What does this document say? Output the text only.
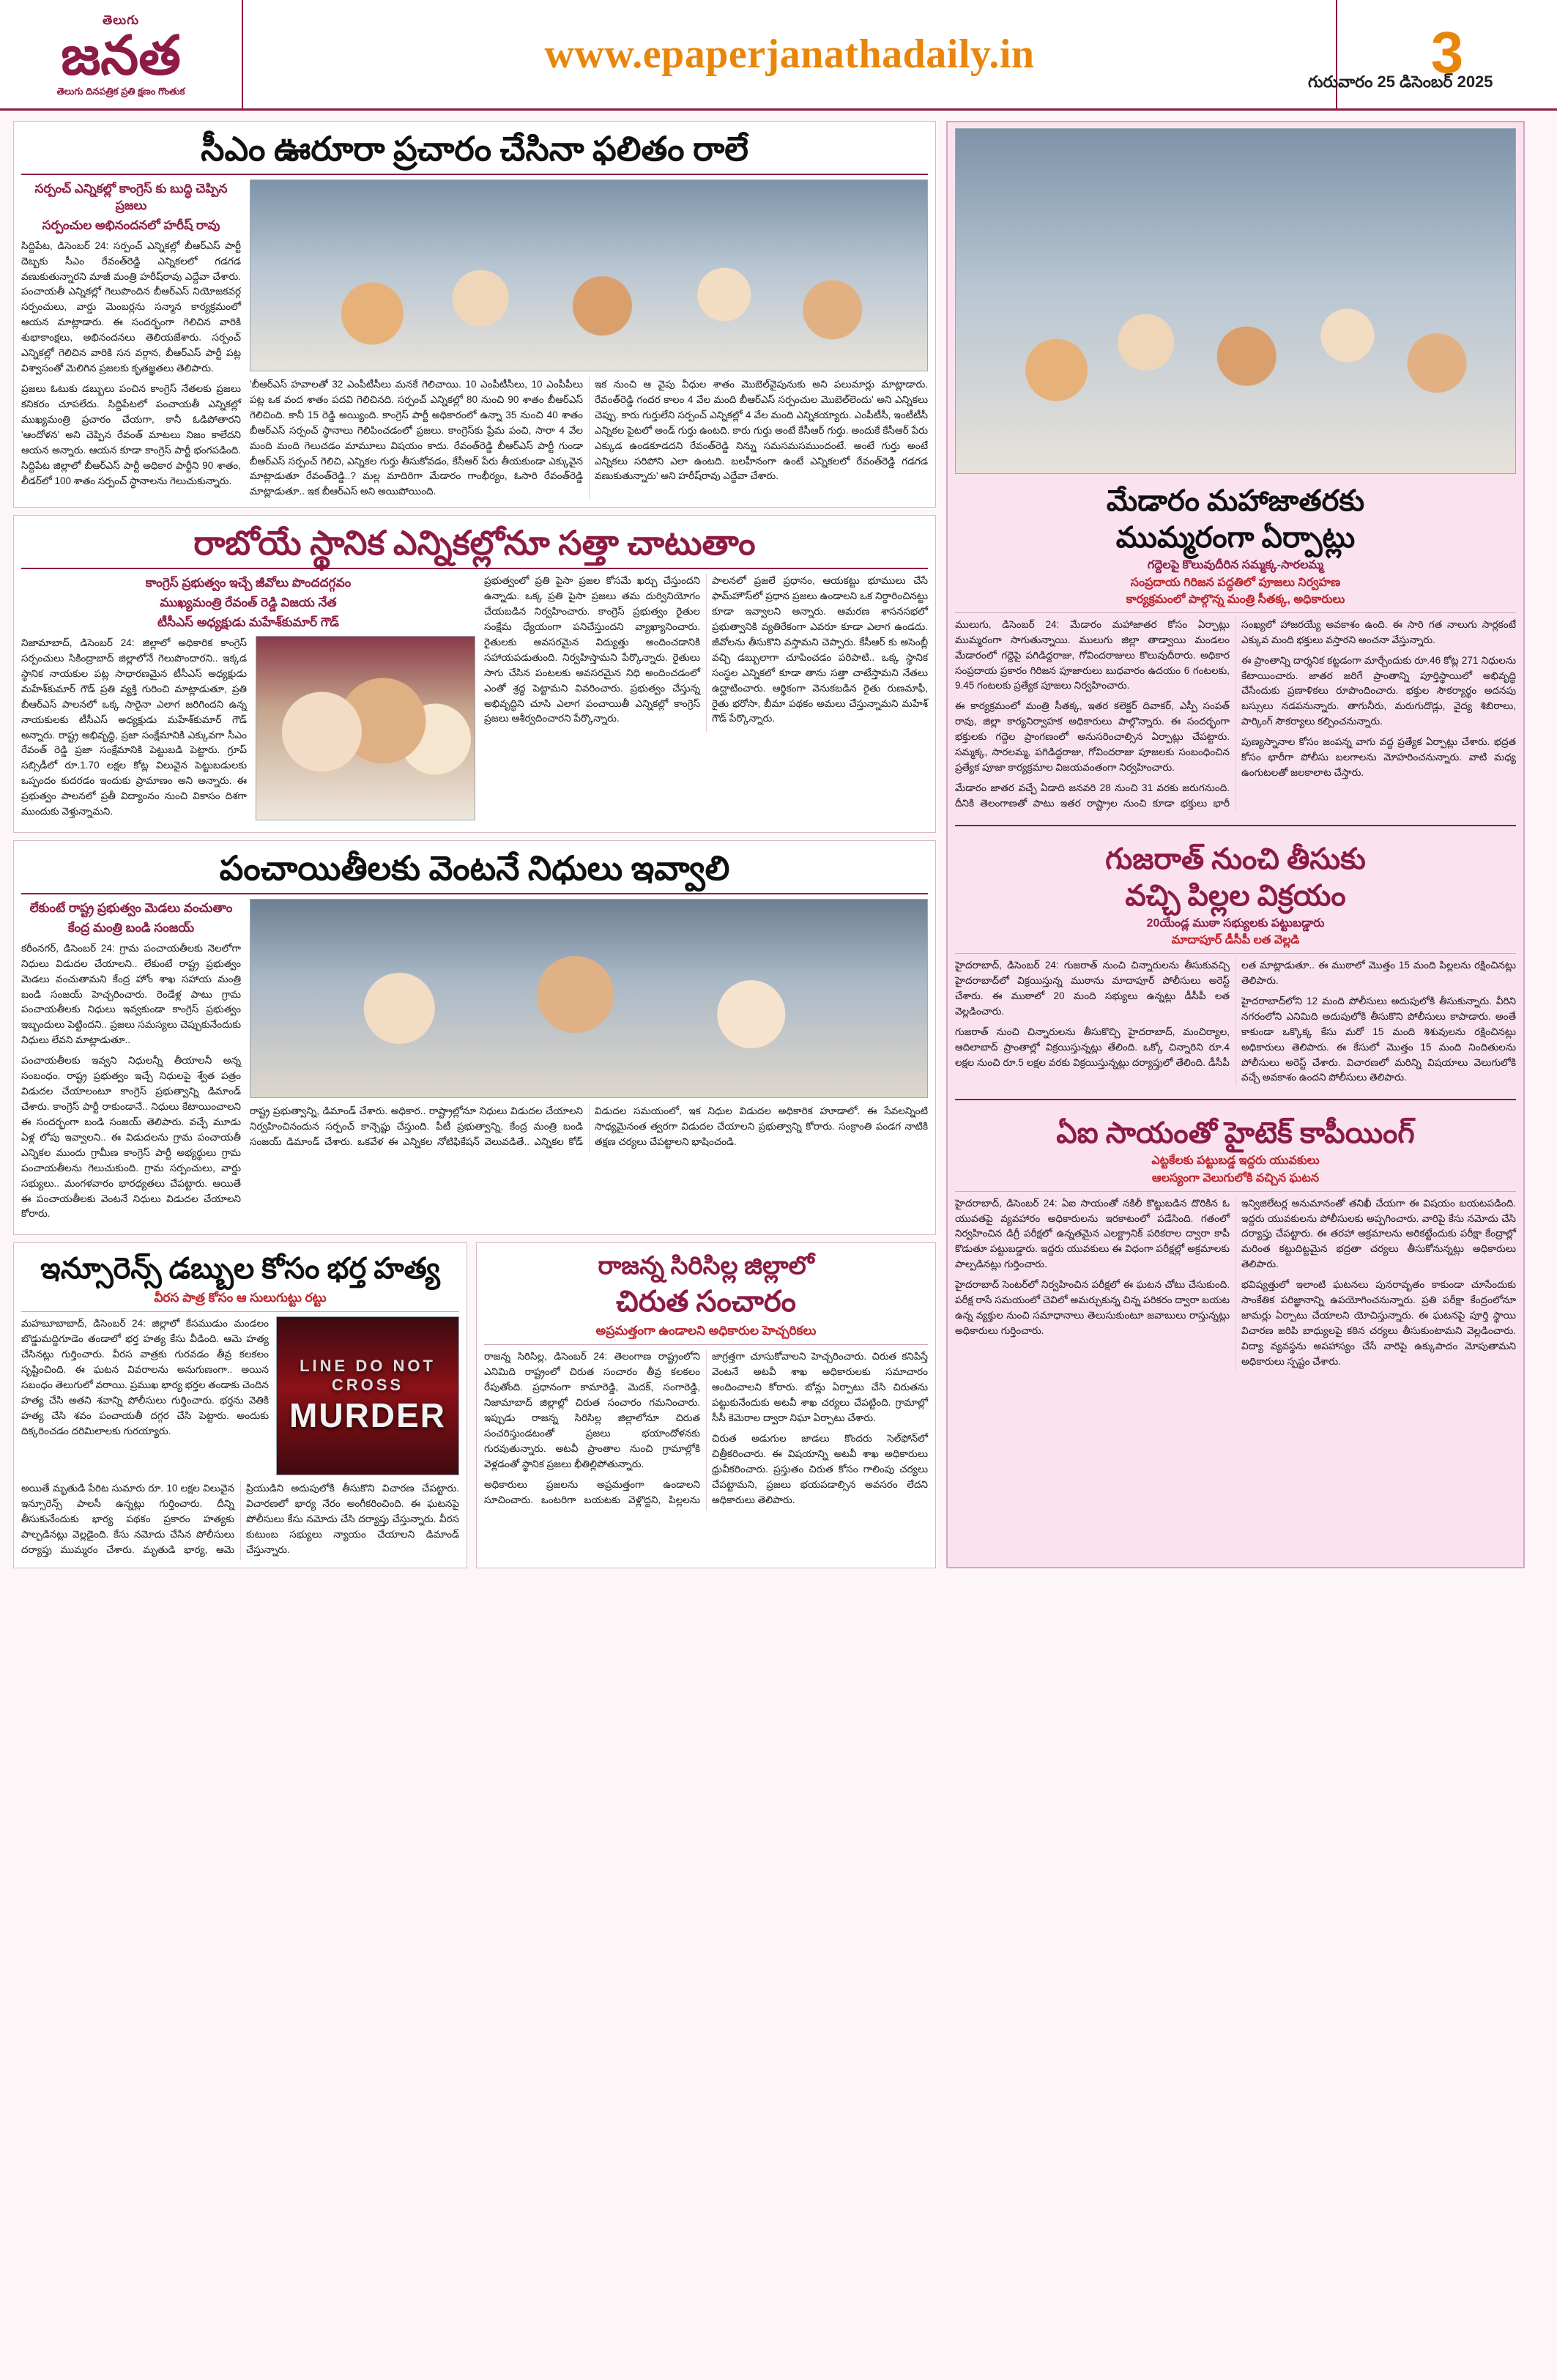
తెలుగు
జనత
తెలుగు దినపత్రిక ప్రతి క్షణం గొంతుక
www.epaperjanathadaily.in	3
గురువారం 25 డిసెంబర్ 2025
సీఎం ఊరూరా ప్రచారం చేసినా ఫలితం రాలే
సర్పంచ్ ఎన్నికల్లో కాంగ్రెస్ కు బుద్ధి చెప్పిన ప్రజలు
సర్పంచుల అభినందనలో హరీష్ రావు

సిద్దిపేట, డిసెంబర్ 24: సర్పంచ్ ఎన్నికల్లో బీఆర్ఎస్ పార్టీ దెబ్బకు సీఎం రేవంత్‌రెడ్డి ఎన్నికలలో గడగడ వణుకుతున్నారని మాజీ మంత్రి హరీష్‌రావు ఎద్దేవా చేశారు. పంచాయతీ ఎన్నికల్లో గెలుపొందిన బీఆర్ఎస్ నియోజకవర్గ సర్పంచులు, వార్డు మెంబర్లను సన్మాన కార్యక్రమంలో ఆయన మాట్లాడారు. ఈ సందర్భంగా గెలిచిన వారికి శుభాకాంక్షలు, అభినందనలు తెలియజేశారు. సర్పంచ్ ఎన్నికల్లో గెలిచిన వారికి సన వర్గాన, బీఆర్ఎస్ పార్టీ పట్ల విశ్వాసంతో మెలిగిన ప్రజలకు కృతజ్ఞతలు తెలిపారు.

ప్రజలు ఓటుకు డబ్బులు పంచిన కాంగ్రెస్ నేతలకు ప్రజలు కనికరం చూపలేదు. సిద్దిపేటలో పంచాయతీ ఎన్నికల్లో ముఖ్యమంత్రి ప్రచారం చేయగా, కానీ ఓడిపోతారని 'ఆందోళన' అని చెప్పిన రేవంత్ మాటలు నిజం కాలేదని ఆయన అన్నారు. ఆయన కూడా కాంగ్రెస్ పార్టీ భంగపడింది. సిద్దిపేట జిల్లాలో బీఆర్ఎస్ పార్టీ అధికార పార్టీని 90 శాతం, లీడర్‌లో 100 శాతం సర్పంచ్ స్థానాలను గెలుచుకున్నారు.

'బీఆర్ఎస్ హవాలతో 32 ఎంపీటీసీలు మనకే గెలిచాయి. 10 ఎంపీటీసీలు, 10 ఎంపీపీలు పట్ల ఒక వంద శాతం పదవి గెలిచినది. సర్పంచ్ ఎన్నికల్లో 80 నుంచి 90 శాతం బీఆర్ఎస్ గెలిచింది. కానీ 15 రెడ్డి అయ్యింది. కాంగ్రెస్ పార్టీ అధికారంలో ఉన్నా 35 నుంచి 40 శాతం బీఆర్ఎస్ సర్పంచ్ స్థానాలు గెలిపించడంలో ప్రజలు. కాంగ్రెస్‌కు ప్రేమ పంచి, సారా 4 వేల మంది మంది గెలుచడం మామూలు విషయం కాదు. రేవంత్‌రెడ్డి బీఆర్ఎస్ పార్టీ గుండా బీఆర్ఎస్ సర్పంచ్ గెలిచి, ఎన్నికల గుర్తు తీసుకోవడం, కేసీఆర్ పేరు తీయకుండా ఎక్కువైన మాట్లాడుతూ రేవంత్‌రెడ్డి..? మల్ల మాదిరిగా మేడారం గాంభీర్యం, ఓసారి రేవంత్‌రెడ్డి మాట్లాడుతూ.. ఇక బీఆర్ఎస్ అని అయిపోయింది.

ఇక నుంచి ఆ వైపు వీధుల శాతం మొబెల్‌వైపునుకు అని పలుమార్లు మాట్లాడారు. రేవంత్‌రెడ్డి గందర కాలం 4 వేల మంది బీఆర్ఎస్ సర్పంచుల మొబెల్‌లెందు' అని ఎన్నికలు చెప్పు. కారు గుర్తులేని సర్పంచ్ ఎన్నికల్లో 4 వేల మంది ఎన్నికయ్యారు. ఎంపీటీసీ, ఇంటీటీసీ ఎన్నికల పైటలో అండ్ గుర్తు ఉంటది. కారు గుర్తు అంటే కేసీఆర్ గుర్తు. అందుకే కేసీఆర్ పేరు ఎక్కుడ ఉండకూడదని రేవంత్‌రెడ్డి నిన్ను సమసమసముందంటే. అంటే గుర్తు అంటే ఎన్నికలు సరిపోని ఎలా ఉంటది. బలహీనంగా ఉంటే ఎన్నికలలో రేవంత్‌రెడ్డి గడగడ వణుకుతున్నారు' అని హరీష్‌రావు ఎద్దేవా చేశారు.

రాబోయే స్థానిక ఎన్నికల్లోనూ సత్తా చాటుతాం
కాంగ్రెస్ ప్రభుత్వం ఇచ్చే జీవోలు పొందదగ్గవం
ముఖ్యమంత్రి రేవంత్ రెడ్డి విజయ నేత
టీసీఎస్ అధ్యక్షుడు మహేశ్‌కుమార్ గౌడ్

నిజామాబాద్, డిసెంబర్ 24: జిల్లాలో అధికారిక కాంగ్రెస్ సర్పంచులు సికింద్రాబాద్ జిల్లాలోనే గెలుపొందారని.. ఇక్కడ స్థానిక నాయకుల పట్ల సాధారణమైన టీసీఎస్ అధ్యక్షుడు మహేశ్‌కుమార్ గౌడ్ ప్రతి వ్యక్తి గురించి మాట్లాడుతూ, ప్రతి బీఆర్ఎస్ పాలనలో ఒక్క సారైనా ఎలాగ జరిగిందని ఉన్న నాయకులకు టీసీఎస్ అధ్యక్షుడు మహేశ్‌కుమార్ గౌడ్ అన్నారు. రాష్ట్ర అభివృద్ధి, ప్రజా సంక్షేమానికి ఎక్కువగా సీఎం రేవంత్ రెడ్డి ప్రజా సంక్షేమానికి పెట్టుబడి పెట్టారు. గ్రూప్ సబ్సిడీలో రూ.1.70 లక్షల కోట్ల విలువైన పెట్టుబడులకు ఒప్పందం కుదరడం ఇందుకు ప్రామాణం అని అన్నారు. ఈ ప్రభుత్వం పాలనలో ప్రతీ విద్యాంనం నుంచి వికాసం దిశగా ముందుకు వెళ్తున్నామని.

ప్రభుత్వంలో ప్రతి పైసా ప్రజల కోసమే ఖర్చు చేస్తుందని ఉన్నాడు. ఒక్క ప్రతి పైసా ప్రజలు తమ దుర్వినియోగం చేయబడిన నిర్వహించారు. కాంగ్రెస్ ప్రభుత్వం రైతుల సంక్షేమ ధ్యేయంగా పనిచేస్తుందని వ్యాఖ్యానించారు. రైతులకు అవసరమైన విద్యుత్తు అందించడానికి సహాయపడుతుంది. నిర్వహిస్తామని పేర్కొన్నారు. రైతులు సాగు చేసిన పంటలకు అవసరమైన నిధి అందించడంలో ఎంతో శ్రద్ధ పెట్టామని వివరించారు. ప్రభుత్వం చేస్తున్న అభివృద్ధిని చూసి ఎలాగ పంచాయితీ ఎన్నికల్లో కాంగ్రెస్ ప్రజలు ఆశీర్వదించారని పేర్కొన్నారు.

పాలనలో ప్రజలే ప్రధానం, ఆయకట్టు భూములు చేసే ఫామ్‌హౌస్‌లో ప్రధాన ప్రజలు ఉండాలని ఒక నిర్ధారించినట్టు కూడా ఇవ్వాలని అన్నారు. ఆమరణ శాసనసభలో ప్రభుత్వానికి వ్యతిరేకంగా ఎవరూ కూడా ఎలాగ ఉండదు. జీవోలను తీసుకొని వస్తామని చెప్పారు. కేసీఆర్ కు అసెంబ్లీ వచ్చి డబ్బులాగా చూపించడం పరిపాటి.. ఒక్క స్థానిక సంస్థల ఎన్నికలో కూడా తాను సత్తా చాటేస్తామని నేతలు ఉద్ఘాటించారు. ఆర్థికంగా వెనుకబడిన రైతు రుణమాఫీ, రైతు భరోసా, బీమా పథకం అమలు చేస్తున్నామని మహేశ్ గౌడ్ పేర్కొన్నారు.

పంచాయితీలకు వెంటనే నిధులు ఇవ్వాలి
లేకుంటే రాష్ట్ర ప్రభుత్వం మెడలు వంచుతాం
కేంద్ర మంత్రి బండి సంజయ్

కరీంనగర్, డిసెంబర్ 24: గ్రామ పంచాయతీలకు నెలలోగా నిధులు విడుదల చేయాలని.. లేకుంటే రాష్ట్ర ప్రభుత్వం మెడలు వంచుతామని కేంద్ర హోం శాఖ సహాయ మంత్రి బండి సంజయ్ హెచ్చరించారు. రెండేళ్ల పాటు గ్రామ పంచాయతీలకు నిధులు ఇవ్వకుండా కాంగ్రెస్ ప్రభుత్వం ఇబ్బందులు పెట్టిందని.. ప్రజలు సమస్యలు చెప్పుకునేందుకు నిధులు లేవని మాట్లాడుతూ..

పంచాయతీలకు ఇవ్వని నిధులన్నీ తీయాలనీ అన్న సంబంధం. రాష్ట్ర ప్రభుత్వం ఇచ్చే నిధులపై శ్వేత పత్రం విడుదల చేయాలంటూ కాంగ్రెస్ ప్రభుత్వాన్ని డిమాండ్ చేశారు. కాంగ్రెస్ పార్టీ రాకుండానే.. నిధులు కేటాయించాలని ఈ సందర్భంగా బండి సంజయ్ తెలిపారు. వచ్చే మూడు ఏళ్ల లోపు ఇవ్వాలని.. ఈ విడుదలను గ్రామ పంచాయతీ ఎన్నికల ముందు గ్రామీణ కాంగ్రెస్ పార్టీ అభ్యర్థులు గ్రామ పంచాయతీలను గెలుచుకుంది. గ్రామ సర్పంచులు, వార్డు సభ్యులు.. మంగళవారం భారధ్యతలు చేపట్టారు. ఆయితే ఈ పంచాయతీలకు వెంటనే నిధులు విడుదల చేయాలని కోరారు.

రాష్ట్ర ప్రభుత్వాన్ని, డిమాండ్ చేశారు. అధికార.. రాష్ట్రాల్లోనూ నిధులు విడుదల చేయాలని నిర్వహించినందున సర్పంచ్ కాన్సెప్టు చేస్తుంది. పీటీ ప్రభుత్వాన్ని, కేంద్ర మంత్రి బండి సంజయ్ డిమాండ్ చేశారు. ఒకవేళ ఈ ఎన్నికల నోటిఫికేషన్ వెలువడితే.. ఎన్నికల కోడ్ విడుదల సమయంలో, ఇక నిధుల విడుదల అధికారిక హూడాలో. ఈ సేవలన్నింటి సాధ్యమైనంత త్వరగా విడుదల చేయాలని ప్రభుత్వాన్ని కోరారు. సంక్రాంతి పండగ నాటికి తక్షణ చర్యలు చేపట్టాలని భాషించండి.

ఇన్సూరెన్స్ డబ్బుల కోసం భర్త హత్య
వీరస పాత్ర కోసం ఆ సులుగుట్టు రట్టు

మహబూబాబాద్, డిసెంబర్ 24: జిల్లాలో కేసముడుం మండలం బొడ్డుమద్దిగూడెం తండాలో భర్త హత్య కేసు వీడింది. ఆమె హత్య చేసినట్లు గుర్తించారు. వీరస వాత్రకు గురవడం తీవ్ర కలకలం సృష్టించింది. ఈ ఘటన వివరాలను అనుగుణంగా.. అయిన సబంధం తెలుగులో వరాయి. ప్రముఖ భార్య భర్తల తండాకు చెందిన హత్య చేసి అతని శవాన్ని పోలీసులు గుర్తించారు. భర్తను వెతికి హత్య చేసి శవం పంచాయతీ దగ్గర చేసి పెట్టారు. అందుకు దిక్కరించడం దరిమిలాలకు గురయ్యారు.

LINE DO NOT CROSS
MURDER

అయితే మృతుడి పేరిట సుమారు రూ. 10 లక్షల విలువైన ఇన్సూరెన్స్ పాలసీ ఉన్నట్లు గుర్తించారు. దీన్ని తీసుకునేందుకు భార్య పథకం ప్రకారం హత్యకు పాల్పడినట్లు వెల్లడైంది. కేసు నమోదు చేసిన పోలీసులు దర్యాప్తు ముమ్మరం చేశారు. మృతుడి భార్య, ఆమె ప్రియుడిని అదుపులోకి తీసుకొని విచారణ చేపట్టారు. విచారణలో భార్య నేరం అంగీకరించింది. ఈ ఘటనపై పోలీసులు కేసు నమోదు చేసి దర్యాప్తు చేస్తున్నారు. వీరస కుటుంబ సభ్యులు న్యాయం చేయాలని డిమాండ్ చేస్తున్నారు.

రాజన్న సిరిసిల్ల జిల్లాలో
చిరుత సంచారం
అప్రమత్తంగా ఉండాలని అధికారుల హెచ్చరికలు

రాజన్న సిరిసిల్ల, డిసెంబర్ 24: తెలంగాణ రాష్ట్రంలోని ఎనిమిది రాష్ట్రంలో చిరుత సంచారం తీవ్ర కలకలం రేపుతోంది. ప్రధానంగా కామారెడ్డి, మెదక్, సంగారెడ్డి, నిజామాబాద్ జిల్లాల్లో చిరుత సంచారం గమనించారు. ఇప్పుడు రాజన్న సిరిసిల్ల జిల్లాలోనూ చిరుత సంచరిస్తుండటంతో ప్రజలు భయాందోళనకు గురవుతున్నారు. అటవీ ప్రాంతాల నుంచి గ్రామాల్లోకి వెళ్లడంతో స్థానిక ప్రజలు భీతిల్లిపోతున్నారు.

అధికారులు ప్రజలను అప్రమత్తంగా ఉండాలని సూచించారు. ఒంటరిగా బయటకు వెళ్లొద్దని, పిల్లలను జాగ్రత్తగా చూసుకోవాలని హెచ్చరించారు. చిరుత కనిపిస్తే వెంటనే అటవీ శాఖ అధికారులకు సమాచారం అందించాలని కోరారు. బోన్లు ఏర్పాటు చేసి చిరుతను పట్టుకునేందుకు అటవీ శాఖ చర్యలు చేపట్టింది. గ్రామాల్లో సీసీ కెమెరాల ద్వారా నిఘా ఏర్పాటు చేశారు.

చిరుత అడుగుల జాడలు కొందరు సెల్‌ఫోన్‌లో చిత్రీకరించారు. ఈ విషయాన్ని అటవీ శాఖ అధికారులు ధ్రువీకరించారు. ప్రస్తుతం చిరుత కోసం గాలింపు చర్యలు చేపట్టామని, ప్రజలు భయపడాల్సిన అవసరం లేదని అధికారులు తెలిపారు.

మేడారం మహాజాతరకు
ముమ్మరంగా ఏర్పాట్లు
గద్దెలపై కొలువుదీరిన సమ్మక్క-సారలమ్మ
సంప్రదాయ గిరిజన పద్ధతిలో పూజలు నిర్వహణ
కార్యక్రమంలో పాల్గొన్న మంత్రి సీతక్క, అధికారులు

ములుగు, డిసెంబర్ 24: మేడారం మహాజాతర కోసం ఏర్పాట్లు ముమ్మరంగా సాగుతున్నాయి. ములుగు జిల్లా తాడ్వాయి మండలం మేడారంలో గద్దెపై పగిడిద్దరాజు, గోవిందరాజులు కొలువుదీరారు. అధికార సంప్రదాయ ప్రకారం గిరిజన పూజారులు బుధవారం ఉదయం 6 గంటలకు, 9.45 గంటలకు ప్రత్యేక పూజలు నిర్వహించారు.

ఈ కార్యక్రమంలో మంత్రి సీతక్క, ఇతర కలెక్టర్ దివాకర్, ఎస్పీ సంపత్ రావు, జిల్లా కార్యనిర్వాహక అధికారులు పాల్గొన్నారు. ఈ సందర్భంగా భక్తులకు గద్దెల ప్రాంగణంలో అనుసరించాల్సిన ఏర్పాట్లు చేపట్టారు. సమ్మక్క, సారలమ్మ, పగిడిద్దరాజు, గోవిందరాజు పూజలకు సంబంధించిన ప్రత్యేక పూజా కార్యక్రమాల విజయవంతంగా నిర్వహించారు.

మేడారం జాతర వచ్చే ఏడాది జనవరి 28 నుంచి 31 వరకు జరుగనుంది. దీనికి తెలంగాణతో పాటు ఇతర రాష్ట్రాల నుంచి కూడా భక్తులు భారీ సంఖ్యలో హాజరయ్యే అవకాశం ఉంది. ఈ సారి గత నాలుగు సార్లకంటే ఎక్కువ మంది భక్తులు వస్తారని అంచనా వేస్తున్నారు.

ఈ ప్రాంతాన్ని దార్శనిక కట్టడంగా మార్చేందుకు రూ.46 కోట్ల 271 నిధులను కేటాయించారు. జాతర జరిగే ప్రాంతాన్ని పూర్తిస్థాయిలో అభివృద్ధి చేసేందుకు ప్రణాళికలు రూపొందించారు. భక్తుల సౌకర్యార్థం అదనపు బస్సులు నడపనున్నారు. తాగునీరు, మరుగుదొడ్లు, వైద్య శిబిరాలు, పార్కింగ్ సౌకర్యాలు కల్పించనున్నారు.

పుణ్యస్నానాల కోసం జంపన్న వాగు వద్ద ప్రత్యేక ఏర్పాట్లు చేశారు. భద్రత కోసం భారీగా పోలీసు బలగాలను మోహరించనున్నారు. వాటి మధ్య ఉంగుటలతో జలకాలాట చేస్తారు.

గుజరాత్ నుంచి తీసుకు
వచ్చి పిల్లల విక్రయం
20యేండ్ల ముఠా సభ్యులకు పట్టుబడ్డారు
మాదాపూర్ డీసీపీ లత వెల్లడి

హైదరాబాద్, డిసెంబర్ 24: గుజరాత్ నుంచి చిన్నారులను తీసుకువచ్చి హైదరాబాద్‌లో విక్రయిస్తున్న ముఠాను మాదాపూర్ పోలీసులు అరెస్ట్ చేశారు. ఈ ముఠాలో 20 మంది సభ్యులు ఉన్నట్లు డీసీపీ లత వెల్లడించారు.

గుజరాత్ నుంచి చిన్నారులను తీసుకొచ్చి హైదరాబాద్, మంచిర్యాల, ఆదిలాబాద్ ప్రాంతాల్లో విక్రయిస్తున్నట్లు తేలింది. ఒక్కో చిన్నారిని రూ.4 లక్షల నుంచి రూ.5 లక్షల వరకు విక్రయిస్తున్నట్లు దర్యాప్తులో తేలింది. డీసీపీ లత మాట్లాడుతూ.. ఈ ముఠాలో మొత్తం 15 మంది పిల్లలను రక్షించినట్లు తెలిపారు.

హైదరాబాద్‌లోని 12 మంది పోలీసులు అదుపులోకి తీసుకున్నారు. వీరిని నగరంలోని ఎనిమిది అదుపులోకి తీసుకొని పోలీసులు కాపాడారు. అంతే కాకుండా ఒక్కొక్క కేసు మరో 15 మంది శిశువులను రక్షించినట్లు అధికారులు తెలిపారు. ఈ కేసులో మొత్తం 15 మంది నిందితులను పోలీసులు అరెస్ట్ చేశారు. విచారణలో మరిన్ని విషయాలు వెలుగులోకి వచ్చే అవకాశం ఉందని పోలీసులు తెలిపారు.

ఏఐ సాయంతో హైటెక్ కాపీయింగ్
ఎట్టకేలకు పట్టుబడ్డ ఇద్దరు యువకులు
ఆలస్యంగా వెలుగులోకి వచ్చిన ఘటన

హైదరాబాద్, డిసెంబర్ 24: ఏఐ సాయంతో నకిలీ కొట్టుబడిన దొరికిన ఓ యువతపై వ్యవహారం అధికారులను ఇరకాటంలో పడేసింది. గతంలో నిర్వహించిన డిగ్రీ పరీక్షలో ఉన్నతమైన ఎలక్ట్రానిక్ పరికరాల ద్వారా కాపీ కొడుతూ పట్టుబడ్డారు. ఇద్దరు యువకులు ఈ విధంగా పరీక్షల్లో అక్రమాలకు పాల్పడినట్లు గుర్తించారు.

హైదరాబాద్ సెంటర్‌లో నిర్వహించిన పరీక్షలో ఈ ఘటన చోటు చేసుకుంది. పరీక్ష రాసే సమయంలో చెవిలో అమర్చుకున్న చిన్న పరికరం ద్వారా బయట ఉన్న వ్యక్తుల నుంచి సమాధానాలు తెలుసుకుంటూ జవాబులు రాస్తున్నట్లు అధికారులు గుర్తించారు.

ఇన్విజిలేటర్ల అనుమానంతో తనిఖీ చేయగా ఈ విషయం బయటపడింది. ఇద్దరు యువకులను పోలీసులకు అప్పగించారు. వారిపై కేసు నమోదు చేసి దర్యాప్తు చేపట్టారు. ఈ తరహా అక్రమాలను అరికట్టేందుకు పరీక్షా కేంద్రాల్లో మరింత కట్టుదిట్టమైన భద్రతా చర్యలు తీసుకోనున్నట్లు అధికారులు తెలిపారు.

భవిష్యత్తులో ఇలాంటి ఘటనలు పునరావృతం కాకుండా చూసేందుకు సాంకేతిక పరిజ్ఞానాన్ని ఉపయోగించనున్నారు. ప్రతి పరీక్షా కేంద్రంలోనూ జామర్లు ఏర్పాటు చేయాలని యోచిస్తున్నారు. ఈ ఘటనపై పూర్తి స్థాయి విచారణ జరిపి బాధ్యులపై కఠిన చర్యలు తీసుకుంటామని వెల్లడించారు. విద్యా వ్యవస్థను అపహాస్యం చేసే వారిపై ఉక్కుపాదం మోపుతామని అధికారులు స్పష్టం చేశారు.
